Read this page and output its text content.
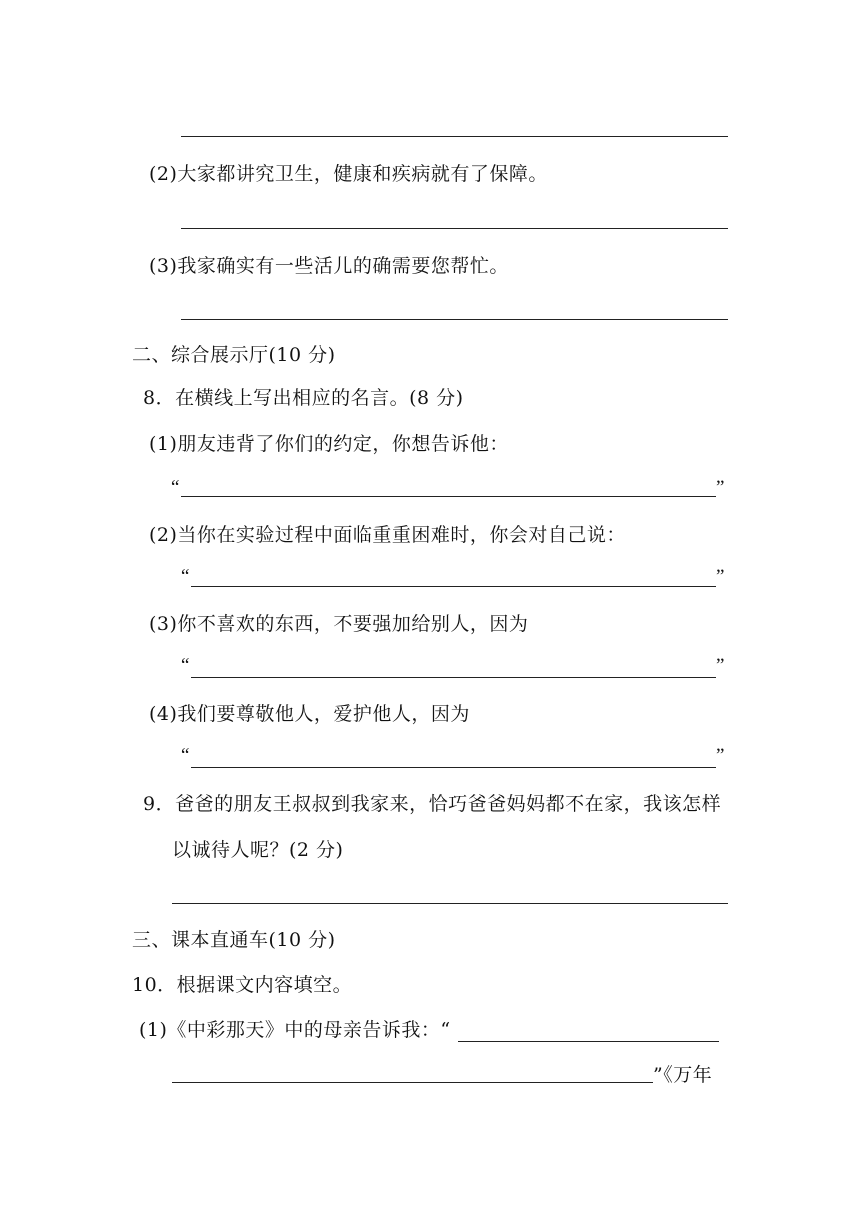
(2)大家都讲究卫生，健康和疾病就有了保障。
(3)我家确实有一些活儿的确需要您帮忙。
二、综合展示厅(10 分)
8．在横线上写出相应的名言。(8 分)
(1)朋友违背了你们的约定，你想告诉他：
“	”
(2)当你在实验过程中面临重重困难时，你会对自己说：
“	”
(3)你不喜欢的东西，不要强加给别人，因为
“	”
(4)我们要尊敬他人，爱护他人，因为
“	”
9．爸爸的朋友王叔叔到我家来，恰巧爸爸妈妈都不在家，我该怎样
以诚待人呢？(2 分)
三、课本直通车(10 分)
10．根据课文内容填空。
(1)《中彩那天》中的母亲告诉我：“
”《万年
